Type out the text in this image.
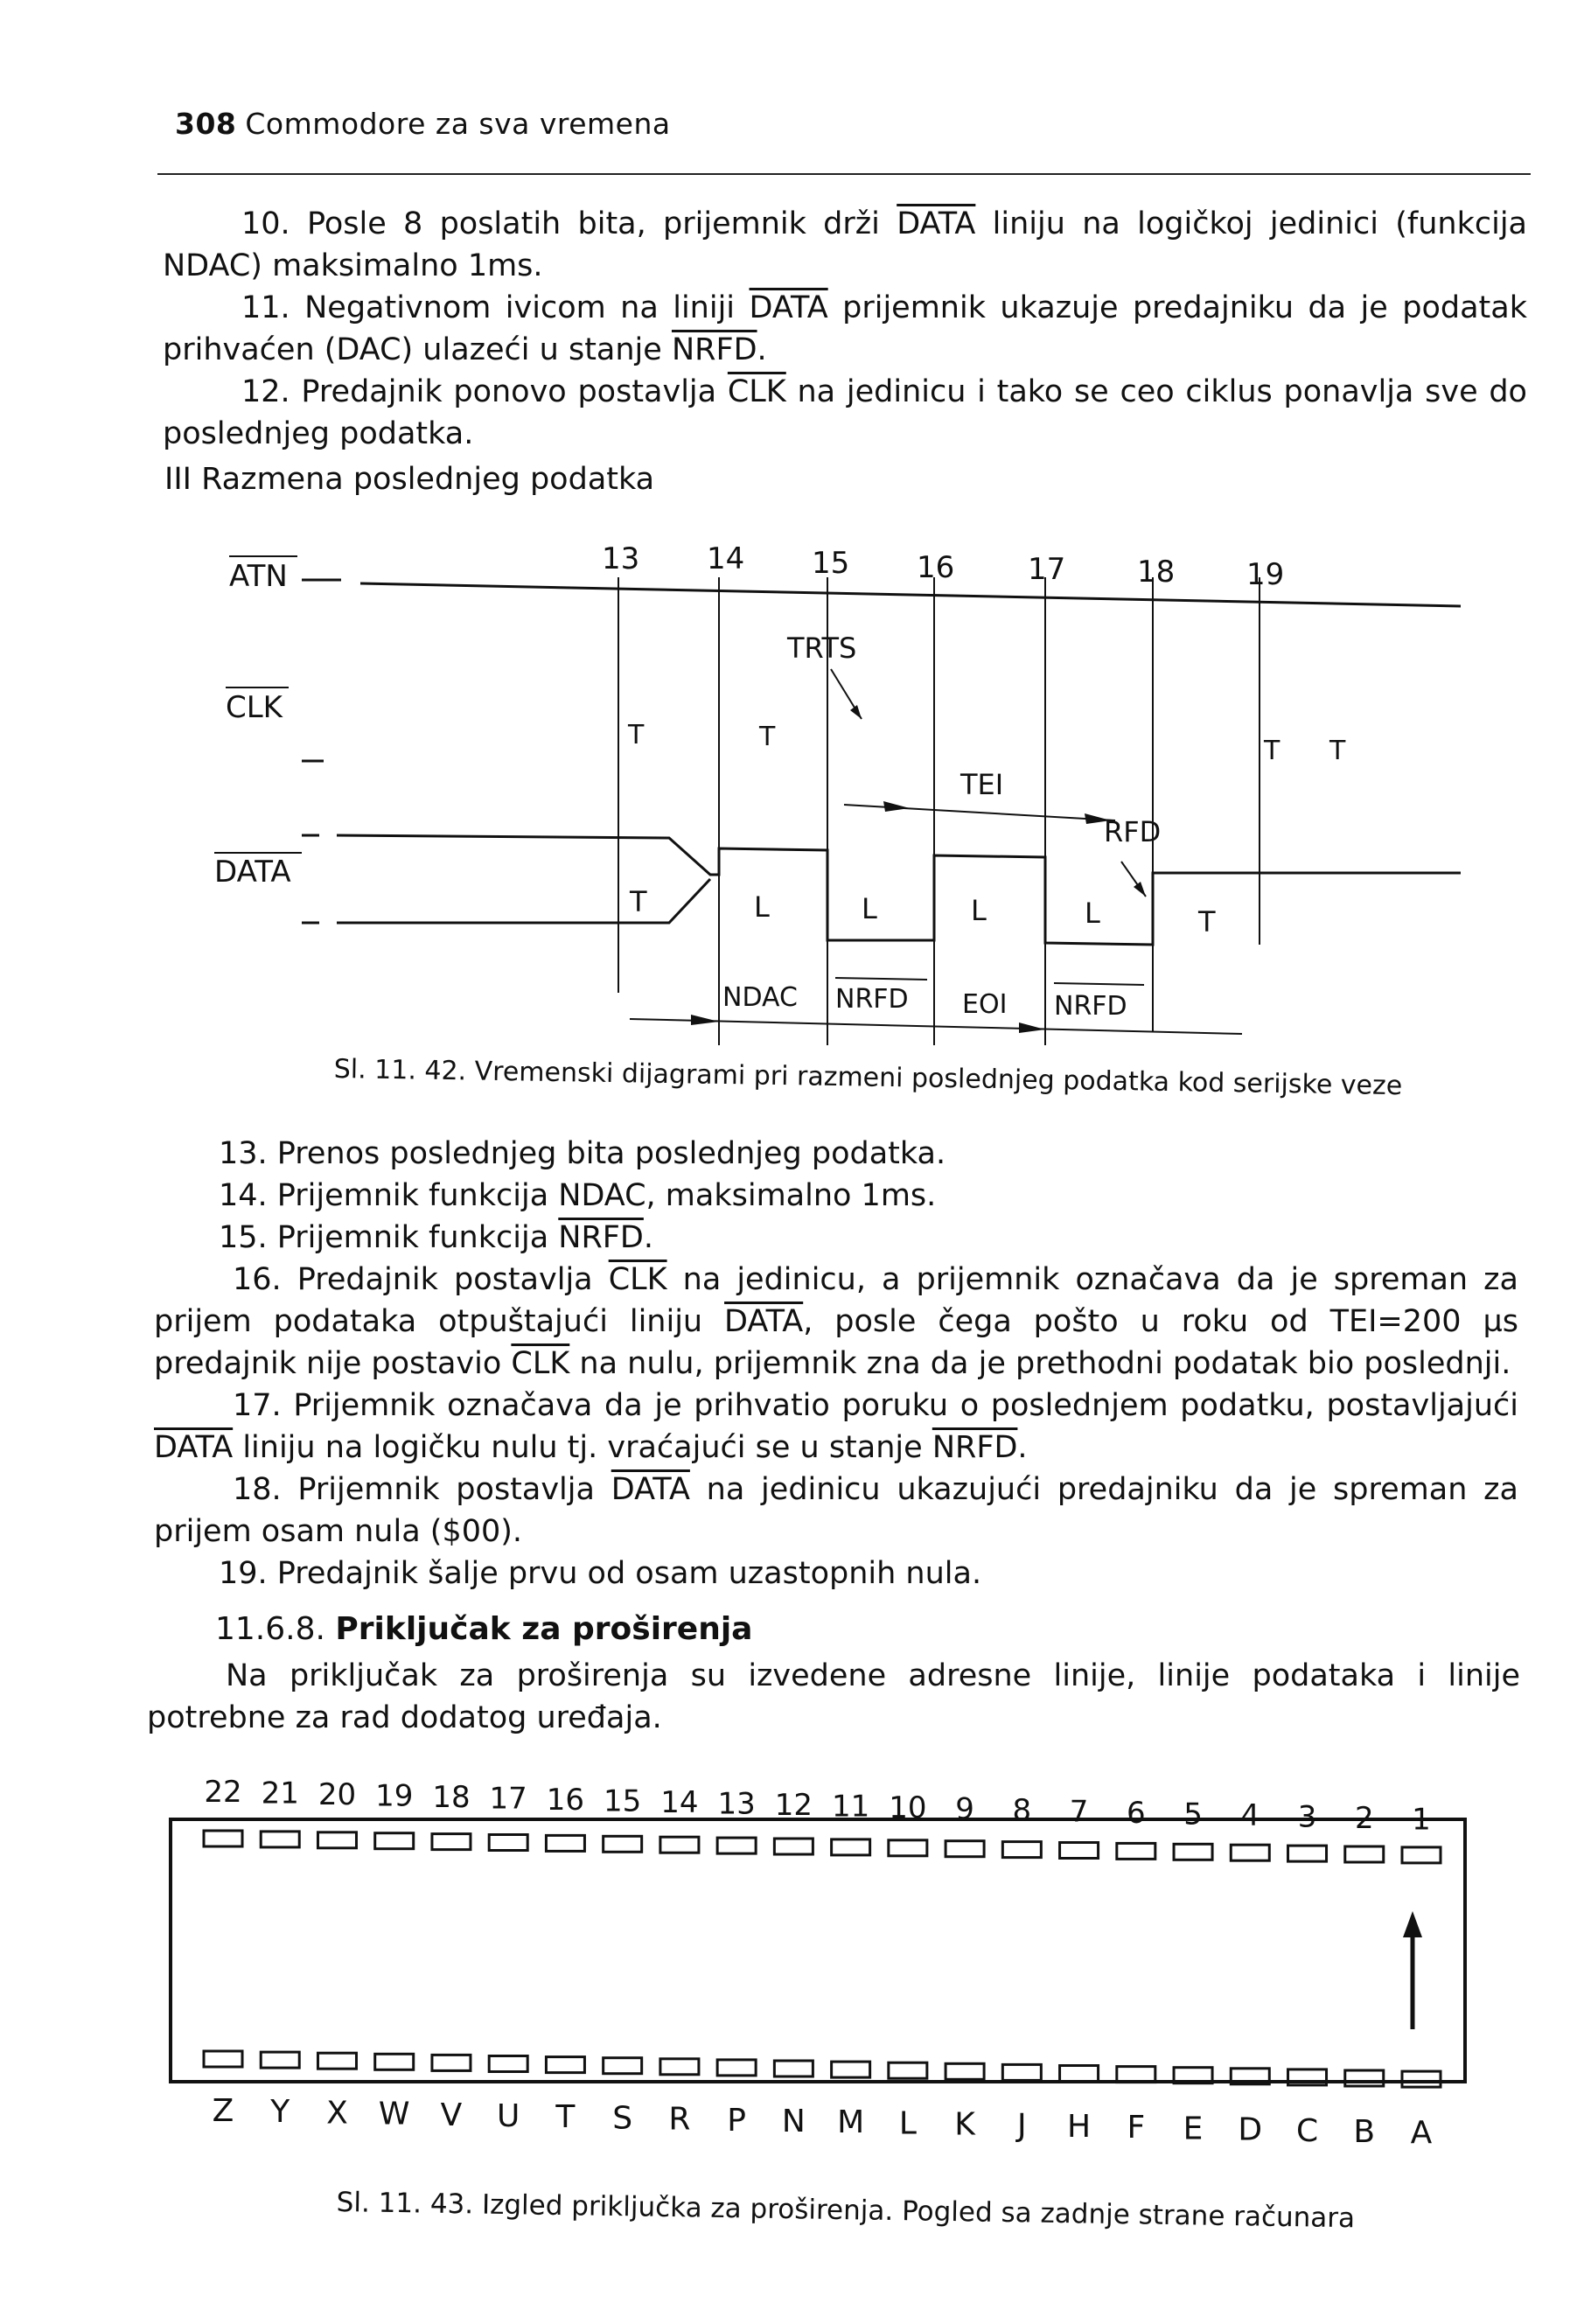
308 Commodore za sva vremena
10. Posle 8 poslatih bita, prijemnik drži DATA liniju na logičkoj jedinici (funkcija NDAC) maksimalno 1ms.
11. Negativnom ivicom na liniji DATA prijemnik ukazuje predajniku da je podatak prihvaćen (DAC) ulazeći u stanje NRFD.
12. Predajnik ponovo postavlja $\overline{CLK}$ na jedinicu i tako se ceo ciklus ponavlja sve do poslednjeg podatka.
III Razmena poslednjeg podatka
ATN
CLK
DATA
13 14 15 16 17 18 19
TRTS
T	T	T T
TEI
RFD
T	L	L	L	L	T
NDAC NRFD EOI NRFD
Sl. 11. 42. Vremenski dijagrami pri razmeni poslednjeg podatka kod serijske veze
13. Prenos poslednjeg bita poslednjeg podatka.
14. Prijemnik funkcija NDAC, maksimalno 1ms.
15. Prijemnik funkcija NRFD.
16. Predajnik postavlja $\overline{CLK}$ na jedinicu, a prijemnik označava da je spreman za prijem podataka otpuštajući liniju DATA, posle čega pošto u roku od TEI=200 µs predajnik nije postavio $\overline{CLK}$ na nulu, prijemnik zna da je prethodni podatak bio poslednji.
17. Prijemnik označava da je prihvatio poruku o poslednjem podatku, postavljajući DATA liniju na logičku nulu tj. vraćajući se u stanje NRFD.
18. Prijemnik postavlja DATA na jedinicu ukazujući predajniku da je spreman za prijem osam nula ($00).
19. Predajnik šalje prvu od osam uzastopnih nula.
11.6.8. Priključak za proširenja
Na priključak za proširenja su izvedene adresne linije, linije podataka i linije potrebne za rad dodatog uređaja.
22
Z
21
Y
20
X
19
W
18
V
17
U
16
T
15
S
14
R
13
P
12
N
11
M
10
L
9
K
8
J
7
H
6
F
5
E
4
D
3
C
2
B
1
A
Sl. 11. 43. Izgled priključka za proširenja. Pogled sa zadnje strane računara
